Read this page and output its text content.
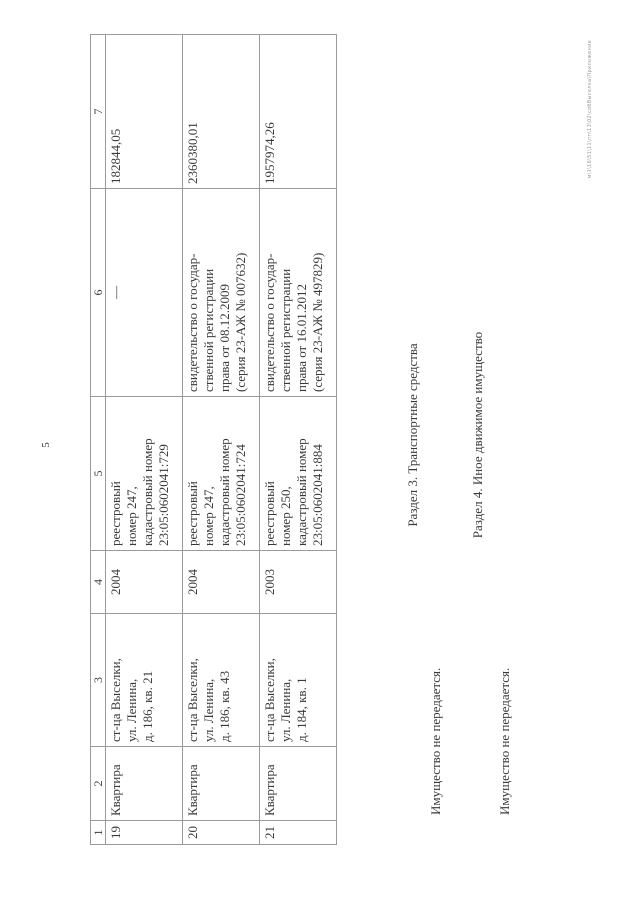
5
1	2	3	4	5	6	7
19	Квартира	ст-ца Выселки, ул. Ленина, д. 186, кв. 21	2004	реестровый номер 247, кадастровый номер 23:05:0602041:729	—	182844,05
20	Квартира	ст-ца Выселки, ул. Ленина, д. 186, кв. 43	2004	реестровый номер 247, кадастровый номер 23:05:0602041:724	свидетельство о государ- ственной регистрации права от 08.12.2009 (серия 23-АЖ № 007632)	2360380,01
21	Квартира	ст-ца Выселки, ул. Ленина, д. 184, кв. 1	2003	реестровый номер 250, кадастровый номер 23:05:0602041:884	свидетельство о государ- ственной регистрации права от 16.01.2012 (серия 23-АЖ № 497829)	1957974,26
Раздел 3. Транспортные средства
Имущество не передается.
Раздел 4. Иное движимое имущество
Имущество не передается.
м\1\16\51\11\пп\13\02\собВыселка\Приложение
